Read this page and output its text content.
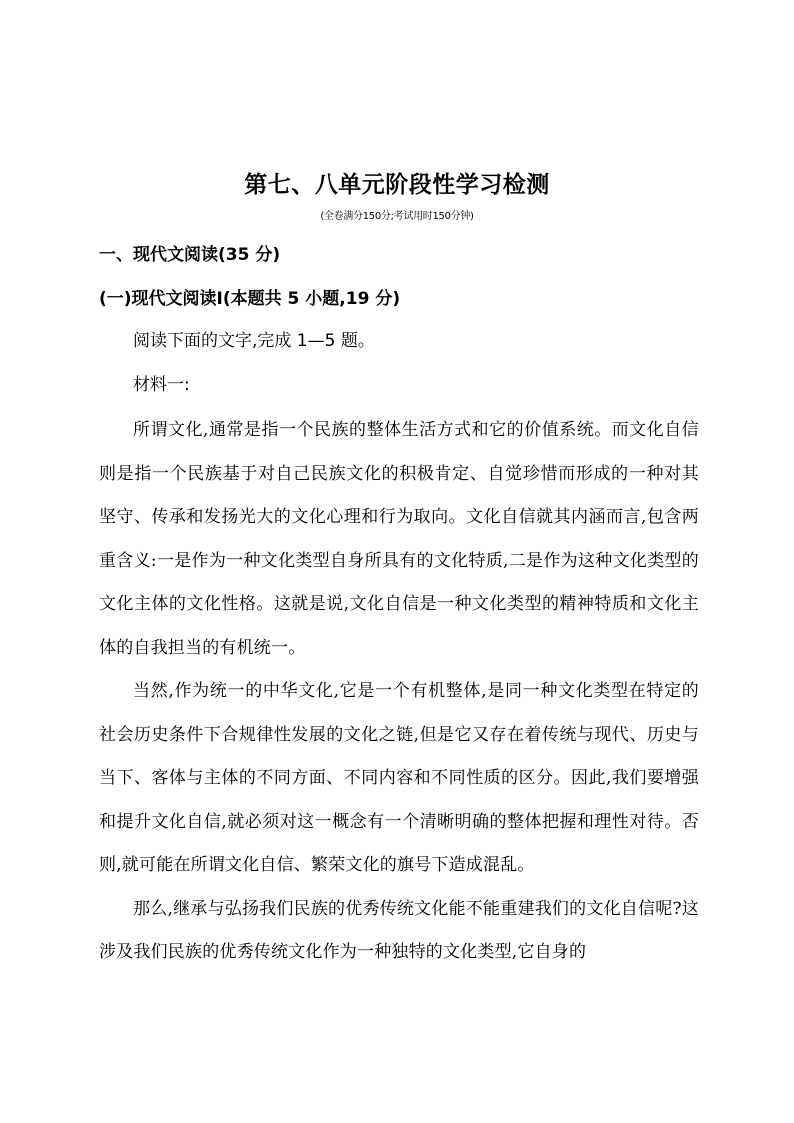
第七、八单元阶段性学习检测
(全卷满分150分;考试用时150分钟)
一、现代文阅读(35 分)
(一)现代文阅读Ⅰ(本题共 5 小题,19 分)
阅读下面的文字,完成 1—5 题。
材料一:

所谓文化,通常是指一个民族的整体生活方式和它的价值系统。而文化自信则是指一个民族基于对自己民族文化的积极肯定、自觉珍惜而形成的一种对其坚守、传承和发扬光大的文化心理和行为取向。文化自信就其内涵而言,包含两重含义:一是作为一种文化类型自身所具有的文化特质,二是作为这种文化类型的文化主体的文化性格。这就是说,文化自信是一种文化类型的精神特质和文化主体的自我担当的有机统一。

当然,作为统一的中华文化,它是一个有机整体,是同一种文化类型在特定的社会历史条件下合规律性发展的文化之链,但是它又存在着传统与现代、历史与当下、客体与主体的不同方面、不同内容和不同性质的区分。因此,我们要增强和提升文化自信,就必须对这一概念有一个清晰明确的整体把握和理性对待。否则,就可能在所谓文化自信、繁荣文化的旗号下造成混乱。

那么,继承与弘扬我们民族的优秀传统文化能不能重建我们的文化自信呢?这涉及我们民族的优秀传统文化作为一种独特的文化类型,它自身的
